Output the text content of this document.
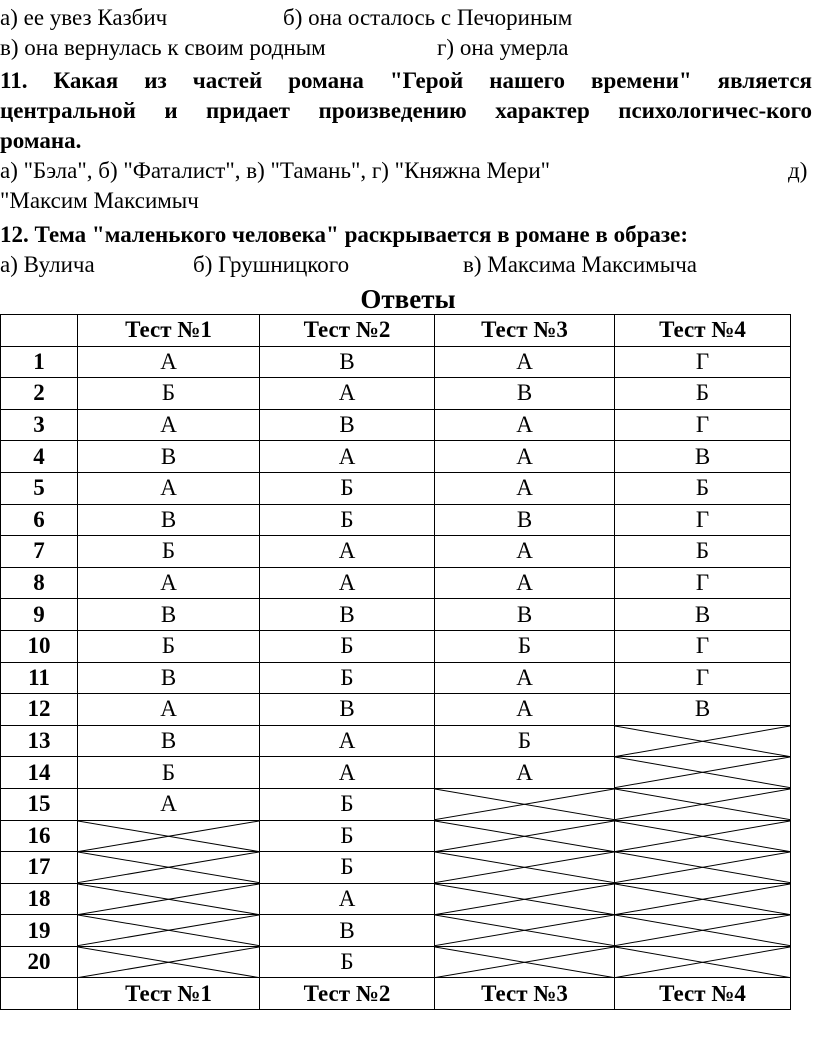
а) ее увез Казбич	б) она осталось с Печориным
в) она вернулась к своим родным	г) она умерла
11. Какая из частей романа "Герой нашего времени" является
центральной и придает произведению характер психологичес-кого
романа.
а) "Бэла", б) "Фаталист", в) "Тамань", г) "Княжна Мери"	д)
"Максим Максимыч
12. Тема "маленького человека" раскрывается в романе в образе:
а) Вулича	б) Грушницкого	в) Максима Максимыча
Ответы
	Тест №1	Тест №2	Тест №3	Тест №4
1	А	В	А	Г
2	Б	А	В	Б
3	А	В	А	Г
4	В	А	А	В
5	А	Б	А	Б
6	В	Б	В	Г
7	Б	А	А	Б
8	А	А	А	Г
9	В	В	В	В
10	Б	Б	Б	Г
11	В	Б	А	Г
12	А	В	А	В
13	В	А	Б	

14	Б	А	А	

15	А	Б	

16		Б	

17		Б	

18		А	

19		В	

20		Б	

	Тест №1	Тест №2	Тест №3	Тест №4
